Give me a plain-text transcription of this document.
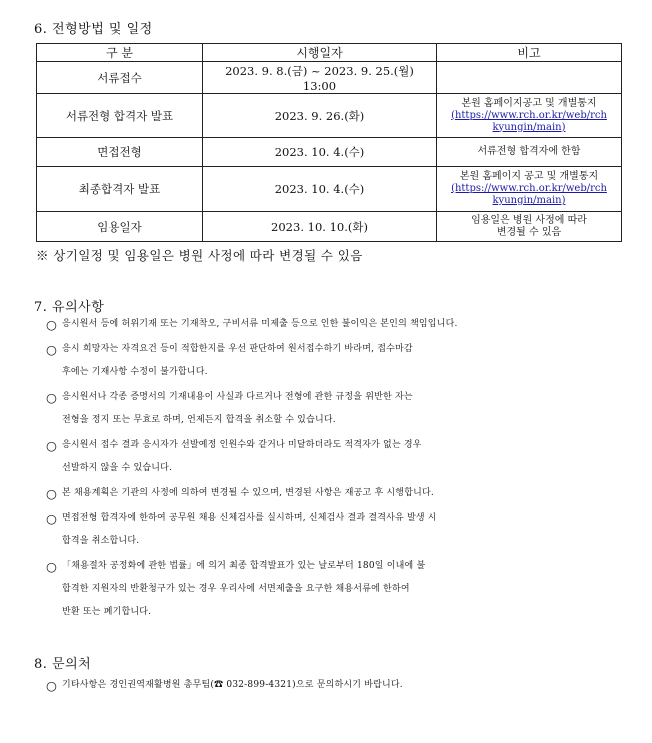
6. 전형방법 및 일정
구 분	시행일자	비고
서류접수	2023. 9. 8.(금) ~ 2023. 9. 25.(월) 13:00	
서류전형 합격자 발표	2023. 9. 26.(화)	본원 홈페이지공고 및 개별통지
(https://www.rch.or.kr/web/rch
kyungin/main)

면접전형	2023. 10. 4.(수)	서류전형 합격자에 한함
최종합격자 발표	2023. 10. 4.(수)	본원 홈페이지 공고 및 개별통지
(https://www.rch.or.kr/web/rch
kyungin/main)

임용일자	2023. 10. 10.(화)	임용일은 병원 사정에 따라
변경될 수 있음
※ 상기일정 및 임용일은 병원 사정에 따라 변경될 수 있음
7. 유의사항
○ 응시원서 등에 허위기재 또는 기재착오, 구비서류 미제출 등으로 인한 불이익은 본인의 책임입니다.
○ 응시 희망자는 자격요건 등이 적합한지를 우선 판단하여 원서접수하기 바라며, 접수마감
후에는 기재사항 수정이 불가합니다.
○ 응시원서나 각종 증명서의 기재내용이 사실과 다르거나 전형에 관한 규정을 위반한 자는
전형을 정지 또는 무효로 하며, 언제든지 합격을 취소할 수 있습니다.
○ 응시원서 접수 결과 응시자가 선발예정 인원수와 같거나 미달하더라도 적격자가 없는 경우
선발하지 않을 수 있습니다.
○ 본 채용계획은 기관의 사정에 의하여 변경될 수 있으며, 변경된 사항은 재공고 후 시행합니다.
○ 면접전형 합격자에 한하여 공무원 채용 신체검사를 실시하며, 신체검사 결과 결격사유 발생 시
합격을 취소합니다.
○ 「채용절차 공정화에 관한 법률」에 의거 최종 합격발표가 있는 날로부터 180일 이내에 불
합격한 지원자의 반환청구가 있는 경우 우리사에 서면제출을 요구한 채용서류에 한하여
반환 또는 폐기합니다.
8. 문의처
○ 기타사항은 경인권역재활병원 총무팀(☎ 032-899-4321)으로 문의하시기 바랍니다.
